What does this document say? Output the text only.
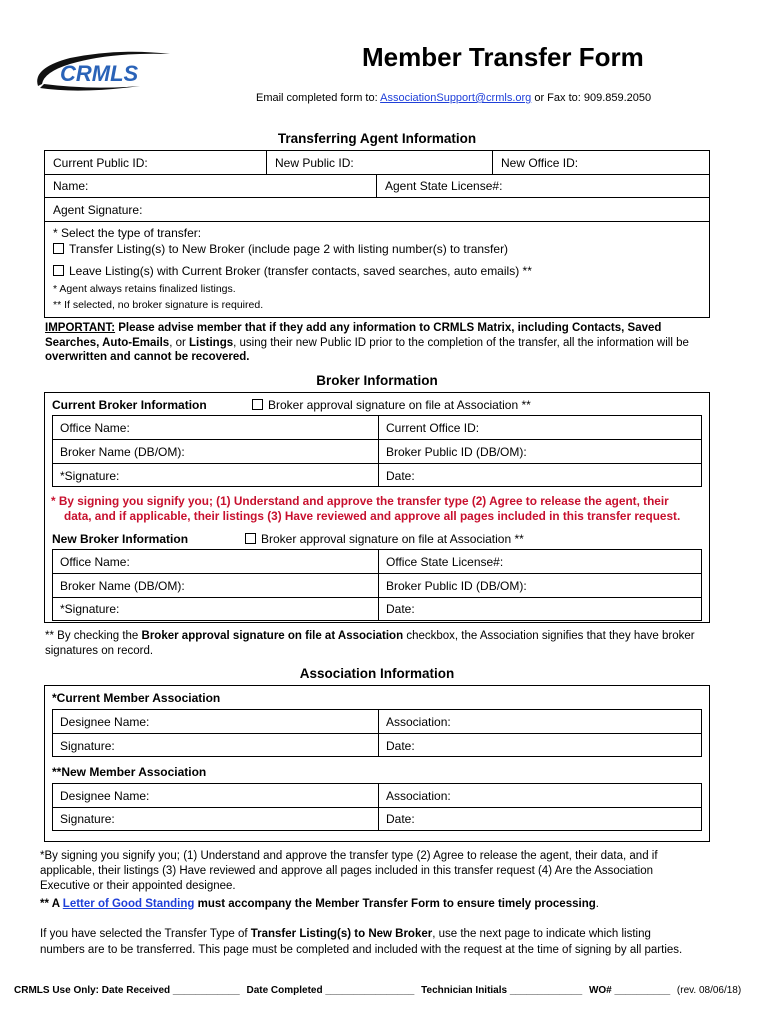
CRMLS
Member Transfer Form
Email completed form to: AssociationSupport@crmls.org or Fax to: 909.859.2050
Transferring Agent Information
Current Public ID:	New Public ID:	New Office ID:
Name:	Agent State License#:
Agent Signature:
* Select the type of transfer:
Transfer Listing(s) to New Broker (include page 2 with listing number(s) to transfer)
Leave Listing(s) with Current Broker (transfer contacts, saved searches, auto emails) **
* Agent always retains finalized listings.
** If selected, no broker signature is required.
IMPORTANT: Please advise member that if they add any information to CRMLS Matrix, including Contacts, Saved
Searches, Auto-Emails, or Listings, using their new Public ID prior to the completion of the transfer, all the information will be
overwritten and cannot be recovered.
Broker Information
Current Broker Information	Broker approval signature on file at Association **
Office Name:	Current Office ID:
Broker Name (DB/OM):	Broker Public ID (DB/OM):
*Signature:	Date:
* By signing you signify you; (1) Understand and approve the transfer type (2) Agree to release the agent, their
data, and if applicable, their listings (3) Have reviewed and approve all pages included in this transfer request.
New Broker Information	Broker approval signature on file at Association **
Office Name:	Office State License#:
Broker Name (DB/OM):	Broker Public ID (DB/OM):
*Signature:	Date:
** By checking the Broker approval signature on file at Association checkbox, the Association signifies that they have broker
signatures on record.
Association Information
*Current Member Association
Designee Name:	Association:
Signature:	Date:
**New Member Association
Designee Name:	Association:
Signature:	Date:
*By signing you signify you; (1) Understand and approve the transfer type (2) Agree to release the agent, their data, and if
applicable, their listings (3) Have reviewed and approve all pages included in this transfer request (4) Are the Association
Executive or their appointed designee.
** A Letter of Good Standing must accompany the Member Transfer Form to ensure timely processing.
If you have selected the Transfer Type of Transfer Listing(s) to New Broker, use the next page to indicate which listing
numbers are to be transferred. This page must be completed and included with the request at the time of signing by all parties.
CRMLS Use Only: Date Received ____________ Date Completed ________________ Technician Initials _____________ WO# __________ (rev. 08/06/18)
